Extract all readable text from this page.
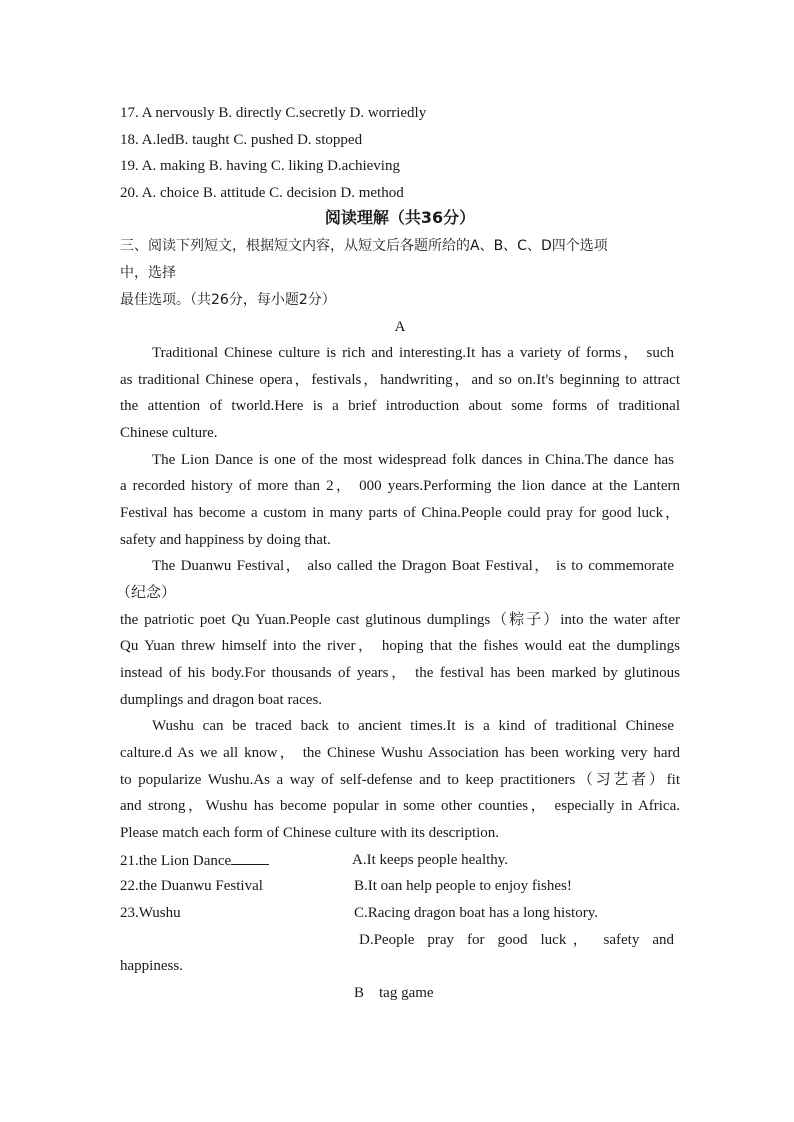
17. A nervously B. directly C.secretly D. worriedly
18. A.ledB. taught C. pushed D. stopped
19. A. making B. having C. liking D.achieving
20. A. choice B. attitude C. decision D. method
阅读理解（共36分）
三、阅读下列短文，根据短文内容，从短文后各题所给的A、B、C、D四个选项
中，选择
最佳选项。（共26分，每小题2分）
A
Traditional Chinese culture is rich and interesting.It has a variety of forms， such
as traditional Chinese opera，festivals，handwriting，and so on.It's beginning to attract
the attention of tworld.Here is a brief introduction about some forms of traditional
Chinese culture.
The Lion Dance is one of the most widespread folk dances in China.The dance has
a recorded history of more than 2， 000 years.Performing the lion dance at the Lantern
Festival has become a custom in many parts of China.People could pray for good luck，
safety and happiness by doing that.
The Duanwu Festival， also called the Dragon Boat Festival， is to commemorate
（纪念）
the patriotic poet Qu Yuan.People cast glutinous dumplings（粽子）into the water after
Qu Yuan threw himself into the river， hoping that the fishes would eat the dumplings
instead of his body.For thousands of years， the festival has been marked by glutinous
dumplings and dragon boat races.
Wushu can be traced back to ancient times.It is a kind of traditional Chinese
calture.d As we all know， the Chinese Wushu Association has been working very hard
to popularize Wushu.As a way of self-defense and to keep practitioners（习艺者）fit
and strong，Wushu has become popular in some other counties， especially in Africa.
Please match each form of Chinese culture with its description.
21.the Lion Dance	A.It keeps people healthy.
22.the Duanwu Festival	B.It oan help people to enjoy fishes!
23.Wushu	C.Racing dragon boat has a long history.
D.People  pray  for  good  luck ，  safety  and
happiness.
B    tag game
